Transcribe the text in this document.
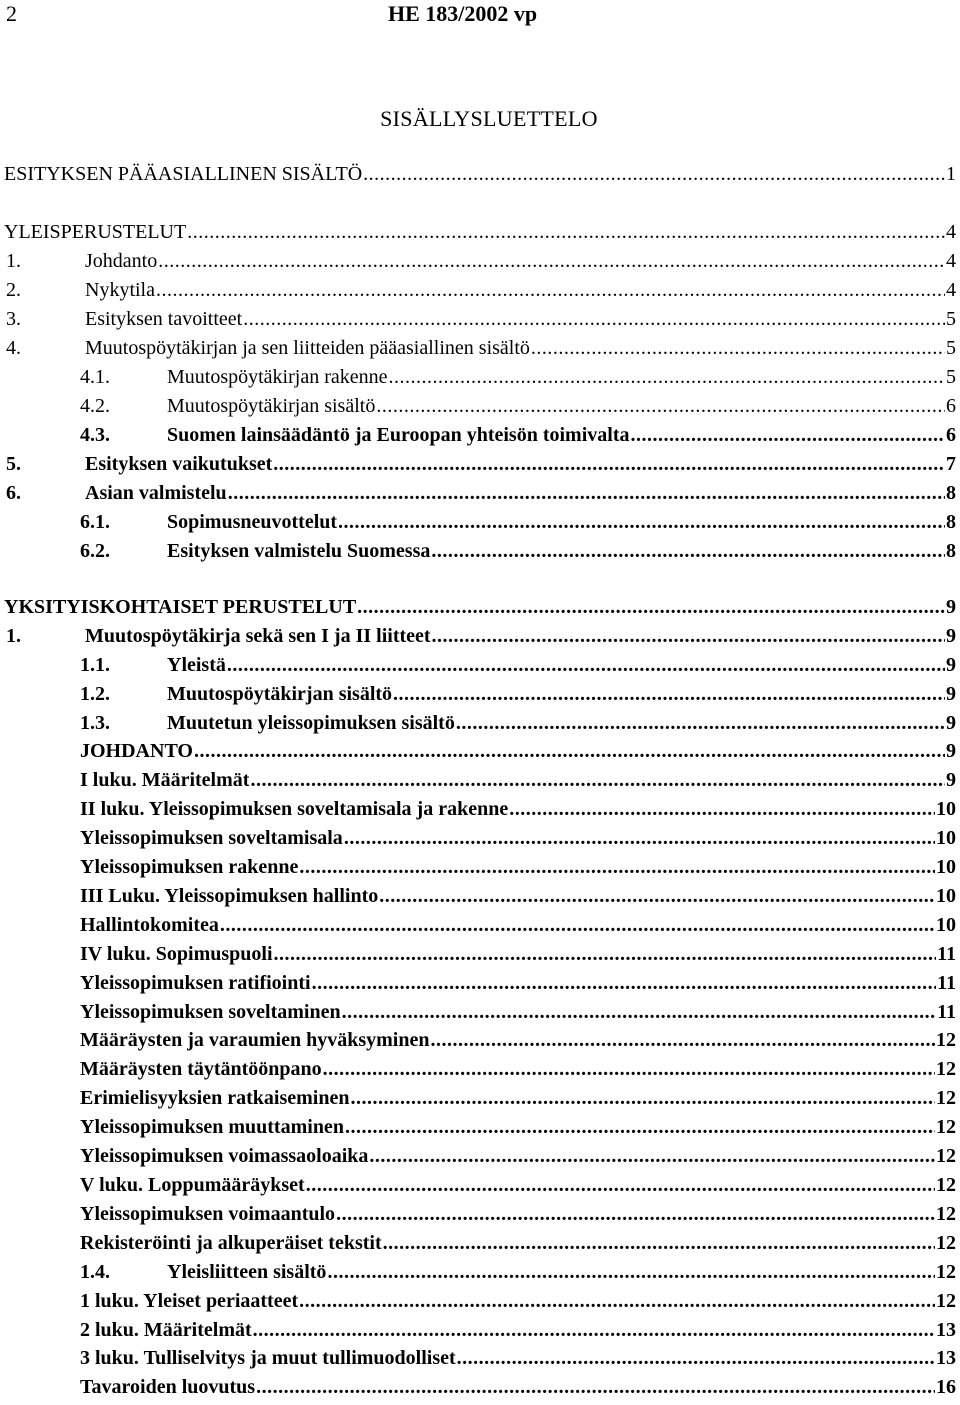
2	HE 183/2002 vp
SISÄLLYSLUETTELO
ESITYKSEN PÄÄASIALLINEN SISÄLTÖ .....	1
YLEISPERUSTELUT .....	4
1.	Johdanto .....	4
2.	Nykytila .....	4
3.	Esityksen tavoitteet .....	5
4.	Muutospöytäkirjan ja sen liitteiden pääasiallinen sisältö .....	5
4.1.	Muutospöytäkirjan rakenne .....	5
4.2.	Muutospöytäkirjan sisältö .....	6
4.3.	Suomen lainsäädäntö ja Euroopan yhteisön toimivalta .....	6
5.	Esityksen vaikutukset .....	7
6.	Asian valmistelu .....	8
6.1.	Sopimusneuvottelut .....	8
6.2.	Esityksen valmistelu Suomessa .....	8
YKSITYISKOHTAISET PERUSTELUT .....	9
1.	Muutospöytäkirja sekä sen I ja II liitteet .....	9
1.1.	Yleistä .....	9
1.2.	Muutospöytäkirjan sisältö .....	9
1.3.	Muutetun yleissopimuksen sisältö .....	9
JOHDANTO .....	9
I luku. Määritelmät .....	9
II luku. Yleissopimuksen soveltamisala ja rakenne .....	10
Yleissopimuksen soveltamisala .....	10
Yleissopimuksen rakenne .....	10
III Luku. Yleissopimuksen hallinto .....	10
Hallintokomitea .....	10
IV luku. Sopimuspuoli .....	11
Yleissopimuksen ratifiointi .....	11
Yleissopimuksen soveltaminen .....	11
Määräysten ja varaumien hyväksyminen .....	12
Määräysten täytäntöönpano .....	12
Erimielisyyksien ratkaiseminen .....	12
Yleissopimuksen muuttaminen .....	12
Yleissopimuksen voimassaoloaika .....	12
V luku. Loppumääräykset .....	12
Yleissopimuksen voimaantulo .....	12
Rekisteröinti ja alkuperäiset tekstit .....	12
1.4.	Yleisliitteen sisältö .....	12
1 luku. Yleiset periaatteet .....	12
2 luku. Määritelmät .....	13
3 luku. Tulliselvitys ja muut tullimuodolliset .....	13
Tavaroiden luovutus .....	16
